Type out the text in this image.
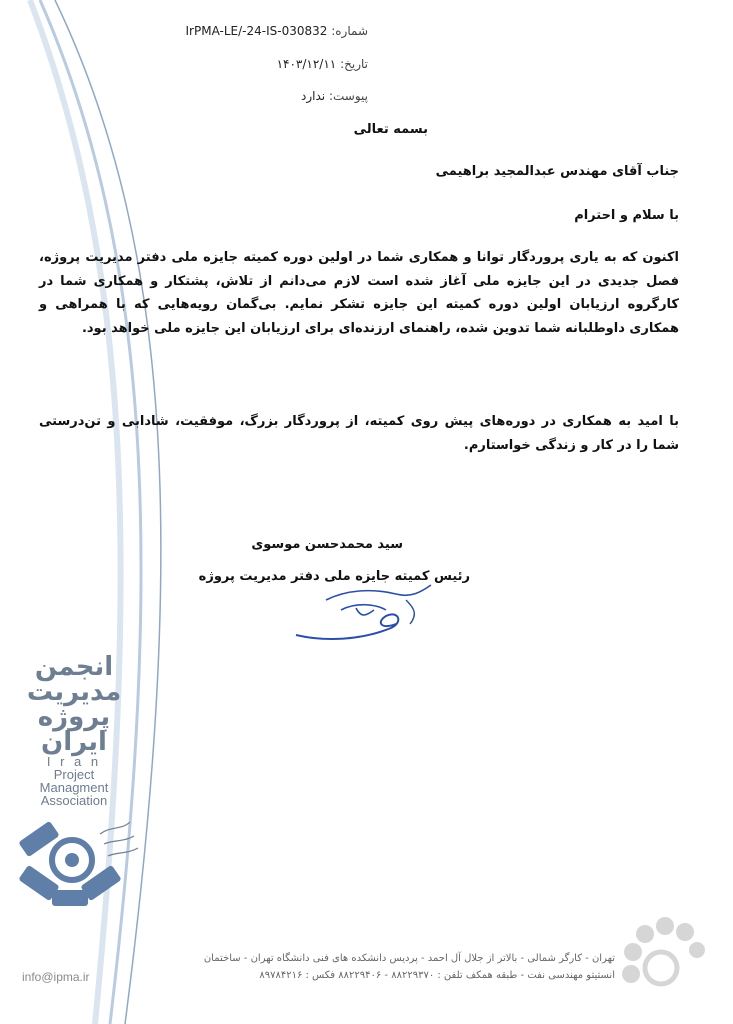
شماره: IrPMA-LE/-24-IS-030832
تاریخ: ۱۴۰۳/۱۲/۱۱
پیوست: ندارد
بسمه تعالی
جناب آقای مهندس عبدالمجید براهیمی
با سلام و احترام
اکنون که به یاری پروردگار توانا و همکاری شما در اولین دوره کمیته جایزه ملی دفتر مدیریت پروژه، فصل جدیدی در این جایزه ملی آغاز شده است لازم می‌دانم از تلاش، پشتکار و همکاری شما در کارگروه ارزیابان اولین دوره کمیته این جایزه تشکر نمایم. بی‌گمان رویه‌هایی که با همراهی و همکاری داوطلبانه شما تدوین شده، راهنمای ارزنده‌ای برای ارزیابان این جایزه ملی خواهد بود.
با امید به همکاری در دوره‌های پیش روی کمیته، از پروردگار بزرگ، موفقیت، شادابی و تن‌درستی شما را در کار و زندگی خواستارم.
سید محمدحسن موسوی
رئیس کمیته جایزه ملی دفتر مدیریت پروژه
انجمن
مدیریت
پروژه
ایران
I r a n
Project
Managment
Association
تهران - کارگر شمالی - بالاتر از جلال آل احمد - پردیس دانشکده های فنی دانشگاه تهران - ساختمان
انستیتو مهندسی نفت - طبقه همکف تلفن : ۸۸۲۲۹۳۷۰ - ۸۸۲۲۹۴۰۶ فکس : ۸۹۷۸۴۲۱۶
info@ipma.ir
